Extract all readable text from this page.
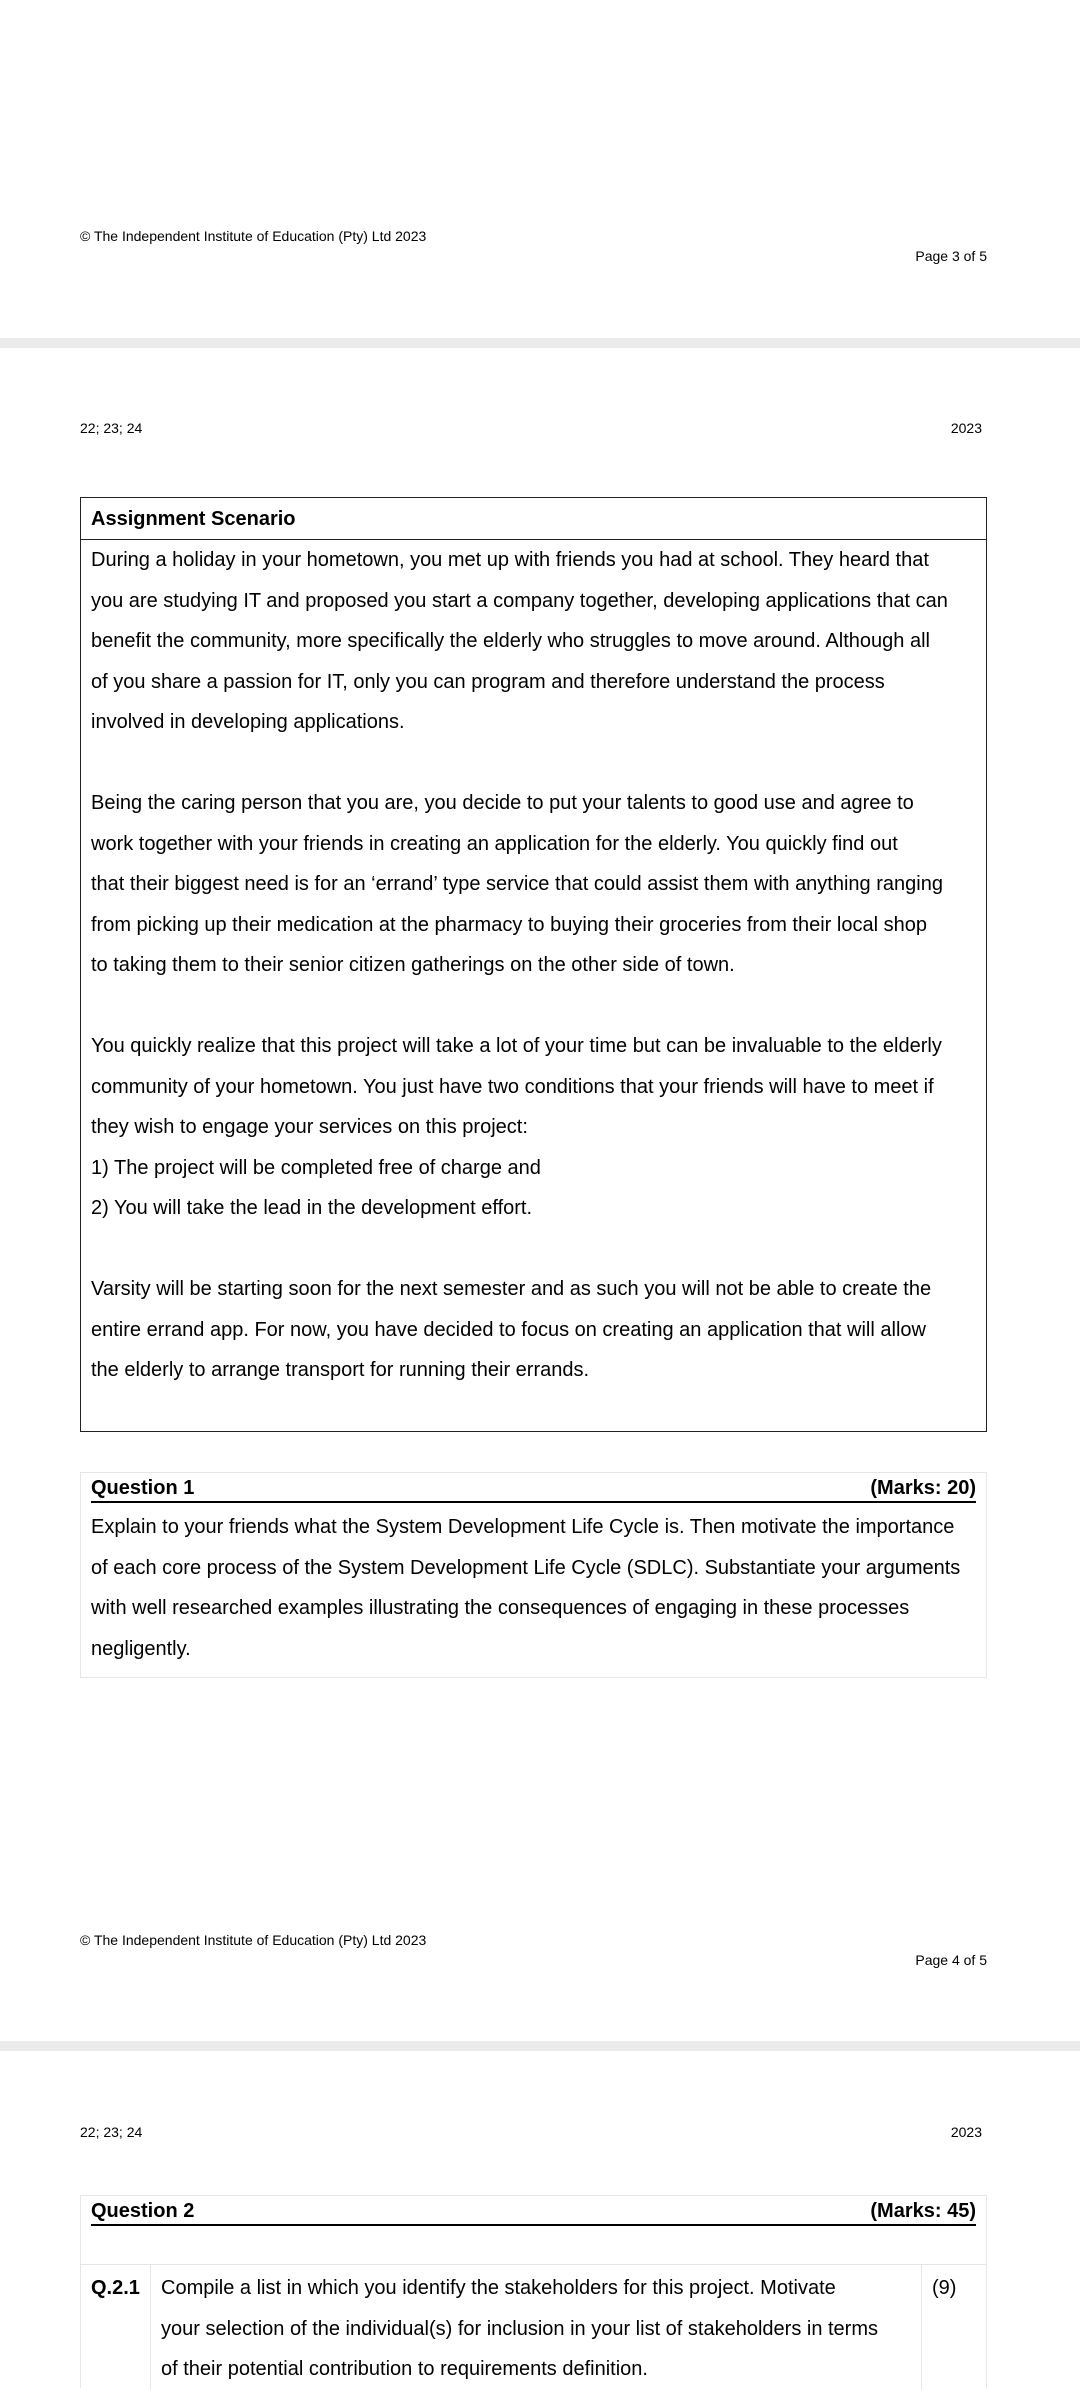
© The Independent Institute of Education (Pty) Ltd 2023
Page 3 of 5
22; 23; 24	2023
Assignment Scenario

During a holiday in your hometown, you met up with friends you had at school. They heard that

you are studying IT and proposed you start a company together, developing applications that can

benefit the community, more specifically the elderly who struggles to move around. Although all

of you share a passion for IT, only you can program and therefore understand the process

involved in developing applications.

Being the caring person that you are, you decide to put your talents to good use and agree to

work together with your friends in creating an application for the elderly. You quickly find out

that their biggest need is for an ‘errand’ type service that could assist them with anything ranging

from picking up their medication at the pharmacy to buying their groceries from their local shop

to taking them to their senior citizen gatherings on the other side of town.

You quickly realize that this project will take a lot of your time but can be invaluable to the elderly

community of your hometown. You just have two conditions that your friends will have to meet if

they wish to engage your services on this project:

1) The project will be completed free of charge and

2) You will take the lead in the development effort.

Varsity will be starting soon for the next semester and as such you will not be able to create the

entire errand app. For now, you have decided to focus on creating an application that will allow

the elderly to arrange transport for running their errands.

Question 1	(Marks: 20)

Explain to your friends what the System Development Life Cycle is. Then motivate the importance

of each core process of the System Development Life Cycle (SDLC). Substantiate your arguments

with well researched examples illustrating the consequences of engaging in these processes

negligently.

© The Independent Institute of Education (Pty) Ltd 2023
Page 4 of 5
22; 23; 24	2023
Question 2	(Marks: 45)
Q.2.1	Compile a list in which you identify the stakeholders for this project. Motivate

your selection of the individual(s) for inclusion in your list of stakeholders in terms

of their potential contribution to requirements definition.

(9)
